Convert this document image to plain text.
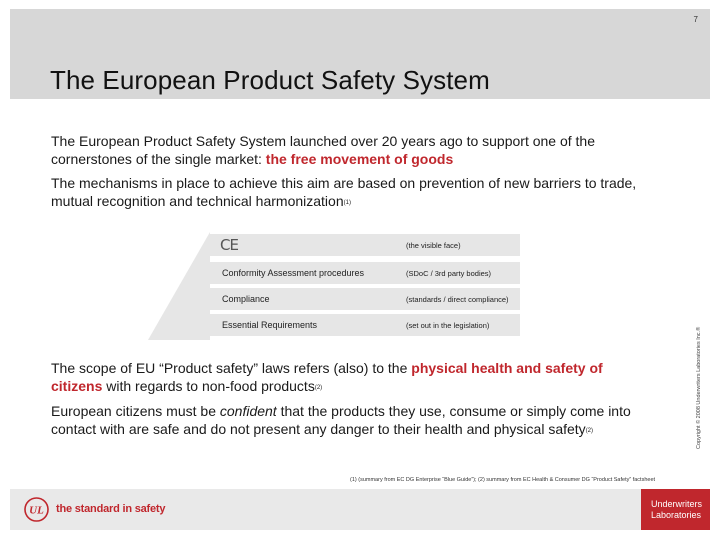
7
The European Product Safety System

The European Product Safety System launched over 20 years ago to support one of the cornerstones of the single market: the free movement of goods

The mechanisms in place to achieve this aim are based on prevention of new barriers to trade, mutual recognition and technical harmonization$^{(1)}$

CE	(the visible face)
Conformity Assessment procedures	(SDoC / 3rd party bodies)
Compliance	(standards / direct compliance)
Essential Requirements	(set out in the legislation)

The scope of EU “Product safety” laws refers (also) to the physical health and safety of citizens with regards to non-food products$^{(2)}$

European citizens must be confident that the products they use, consume or simply come into contact with are safe and do not present any danger to their health and physical safety$^{(2)}$	Copyright © 2008 Underwriters Laboratories Inc.®
(1) (summary from EC DG Enterprise “Blue Guide”); (2) summary from EC Health & Consumer DG “Product Safety” factsheet
UL the standard in safety	Underwriters
Laboratories
